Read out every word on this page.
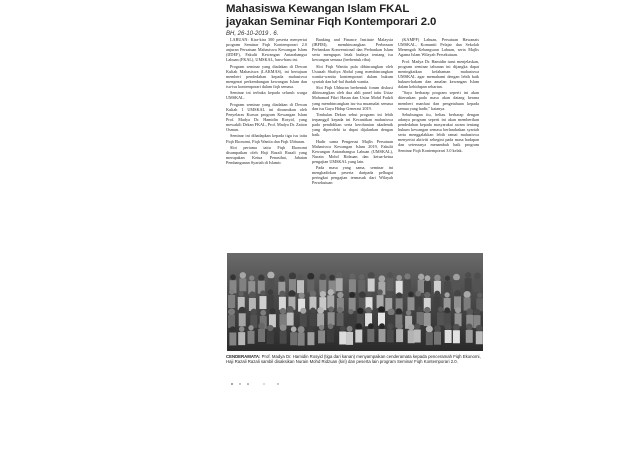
Mahasiswa Kewangan Islam FKAL
jayakan Seminar Fiqh Kontemporari 2.0
BH, 26-10-2019 . 6.

LABUAN: Kira-kira 300 peserta menyertai program Seminar Fiqh Kontemporari 2.0 anjuran Persatuan Mahasiswa Kewangan Islam (IJDEF), Fakulti Kewangan Antarabangsa Labuan (FKAL), UMSKAL, baru-baru ini.

Program seminar yang diadakan di Dewan Kuliah Mahasiswa (LAKMAS), ini bertujuan memberi pendedahan kepada mahasiswa mengenai perkembangan kewangan Islam dan isu-isu kontemporari dalam fiqh semasa.

Seminar ini terbuka kepada seluruh warga UMSKAL.

Program seminar yang diadakan di Dewan Kuliah 1 UMSKAL ini dirasmikan oleh Penyelaras Kursus program Kewangan Islam Prof. Madya Dr. Hamidin Rosyid, yang mewakili Dekan FKAL, Prof. Madya Dr. Zaiton Osman.

Seminar ini dihadapkan kepada tiga isu iaitu Fiqh Ekonomi, Fiqh Wanita dan Fiqh Ubburan.

Slot pertama iaitu Fiqh Ekonomi disampaikan oleh Haji Razali Razali yang merupakan Ketua Penasihat, Jabatan Pembangunan Syariah di Islamic

Banking and Finance Institute Malaysia (IBFIM), membincangkan Perbezaan Perbankan Konvensional dan Perbankan Islam serta mengupas letak budaya tentang isu kewangan semasa (berbentuk riba).

Slot Fiqh Wanita pula dibincangkan oleh Ustazah Shafiya Abdul yang membincangkan wanita-wanita kontemporari dalam hukum syariah dan hal-hal ibadah wanita.

Slot Fiqh Ubburan berbentuk forum diskusi dibincangkan oleh dua ahli panel iaitu Ustaz Mohamad Fikri Hasan dan Ustaz Mohd Fadzli yang membincangkan isu-isu muamalat semasa dan isu Gaya Hidup Generasi 2019.

Timbalan Dekan sebut program ini lebih terpanggil kepada ini Kecantikan mahasiswa pada pendidikan serta kerohanian akademik yang diperolehi ia dapat dijalankan dengan baik.

Hadir sama Pengerusi Majlis Persatuan Mahasiswa Kewangan Islam 2019, Fakulti Kewangan Antarabangsa Labuan (UMSKAL), Nurain Mohd Ridzuan dan ketua-ketua pengajian UMSKAL yang lain.

Pada masa yang sama, seminar ini menghadirkan peserta daripada pelbagai peringkat pengajian termasuk dari Wilayah Persekutuan

(KAMPF) Labuan, Persatuan Hawanais UMSKAL, Komuniti Pelajar dan Sekolah Menengah Kebangsaan Labuan, serta Majlis Agama Islam Wilayah Persekutuan.

Prof. Madya Dr. Hamidin turut menjelaskan, program seminar tahunan ini dijangka dapat meningkatkan kefahaman mahasiswa UMSKAL agar memahami dengan lebih baik hukum-hakam dan amalan kewangan Islam dalam kehidupan seharian.

"Saya berharap program seperti ini akan diteruskan pada masa akan datang kerana memberi manfaat dan pengetahuan kepada semua yang hadir," katanya.

Sehubungan itu, beliau berharap dengan adanya program seperti ini akan memberikan pendedahan kepada masyarakat awam tentang hukum kewangan semasa berlandaskan syariah serta menggalakkan lebih ramai mahasiswa menyertai aktiviti sebegini pada masa hadapan dan seterusnya menambah baik program Seminar Fiqh Kontemporari 3.0 kelak.

CENDERAMATA: Prof. Madya Dr. Hamidin Rosyid (tiga dari kanan) menyampaikan cenderamata kepada penceramah Fiqh Ekonomi, Haji Razali Razali sambil disaksikan Nurain Mohd Ridzuan (kiri) dan peserta lain program Seminar Fiqh Kontemporari 2.0.
